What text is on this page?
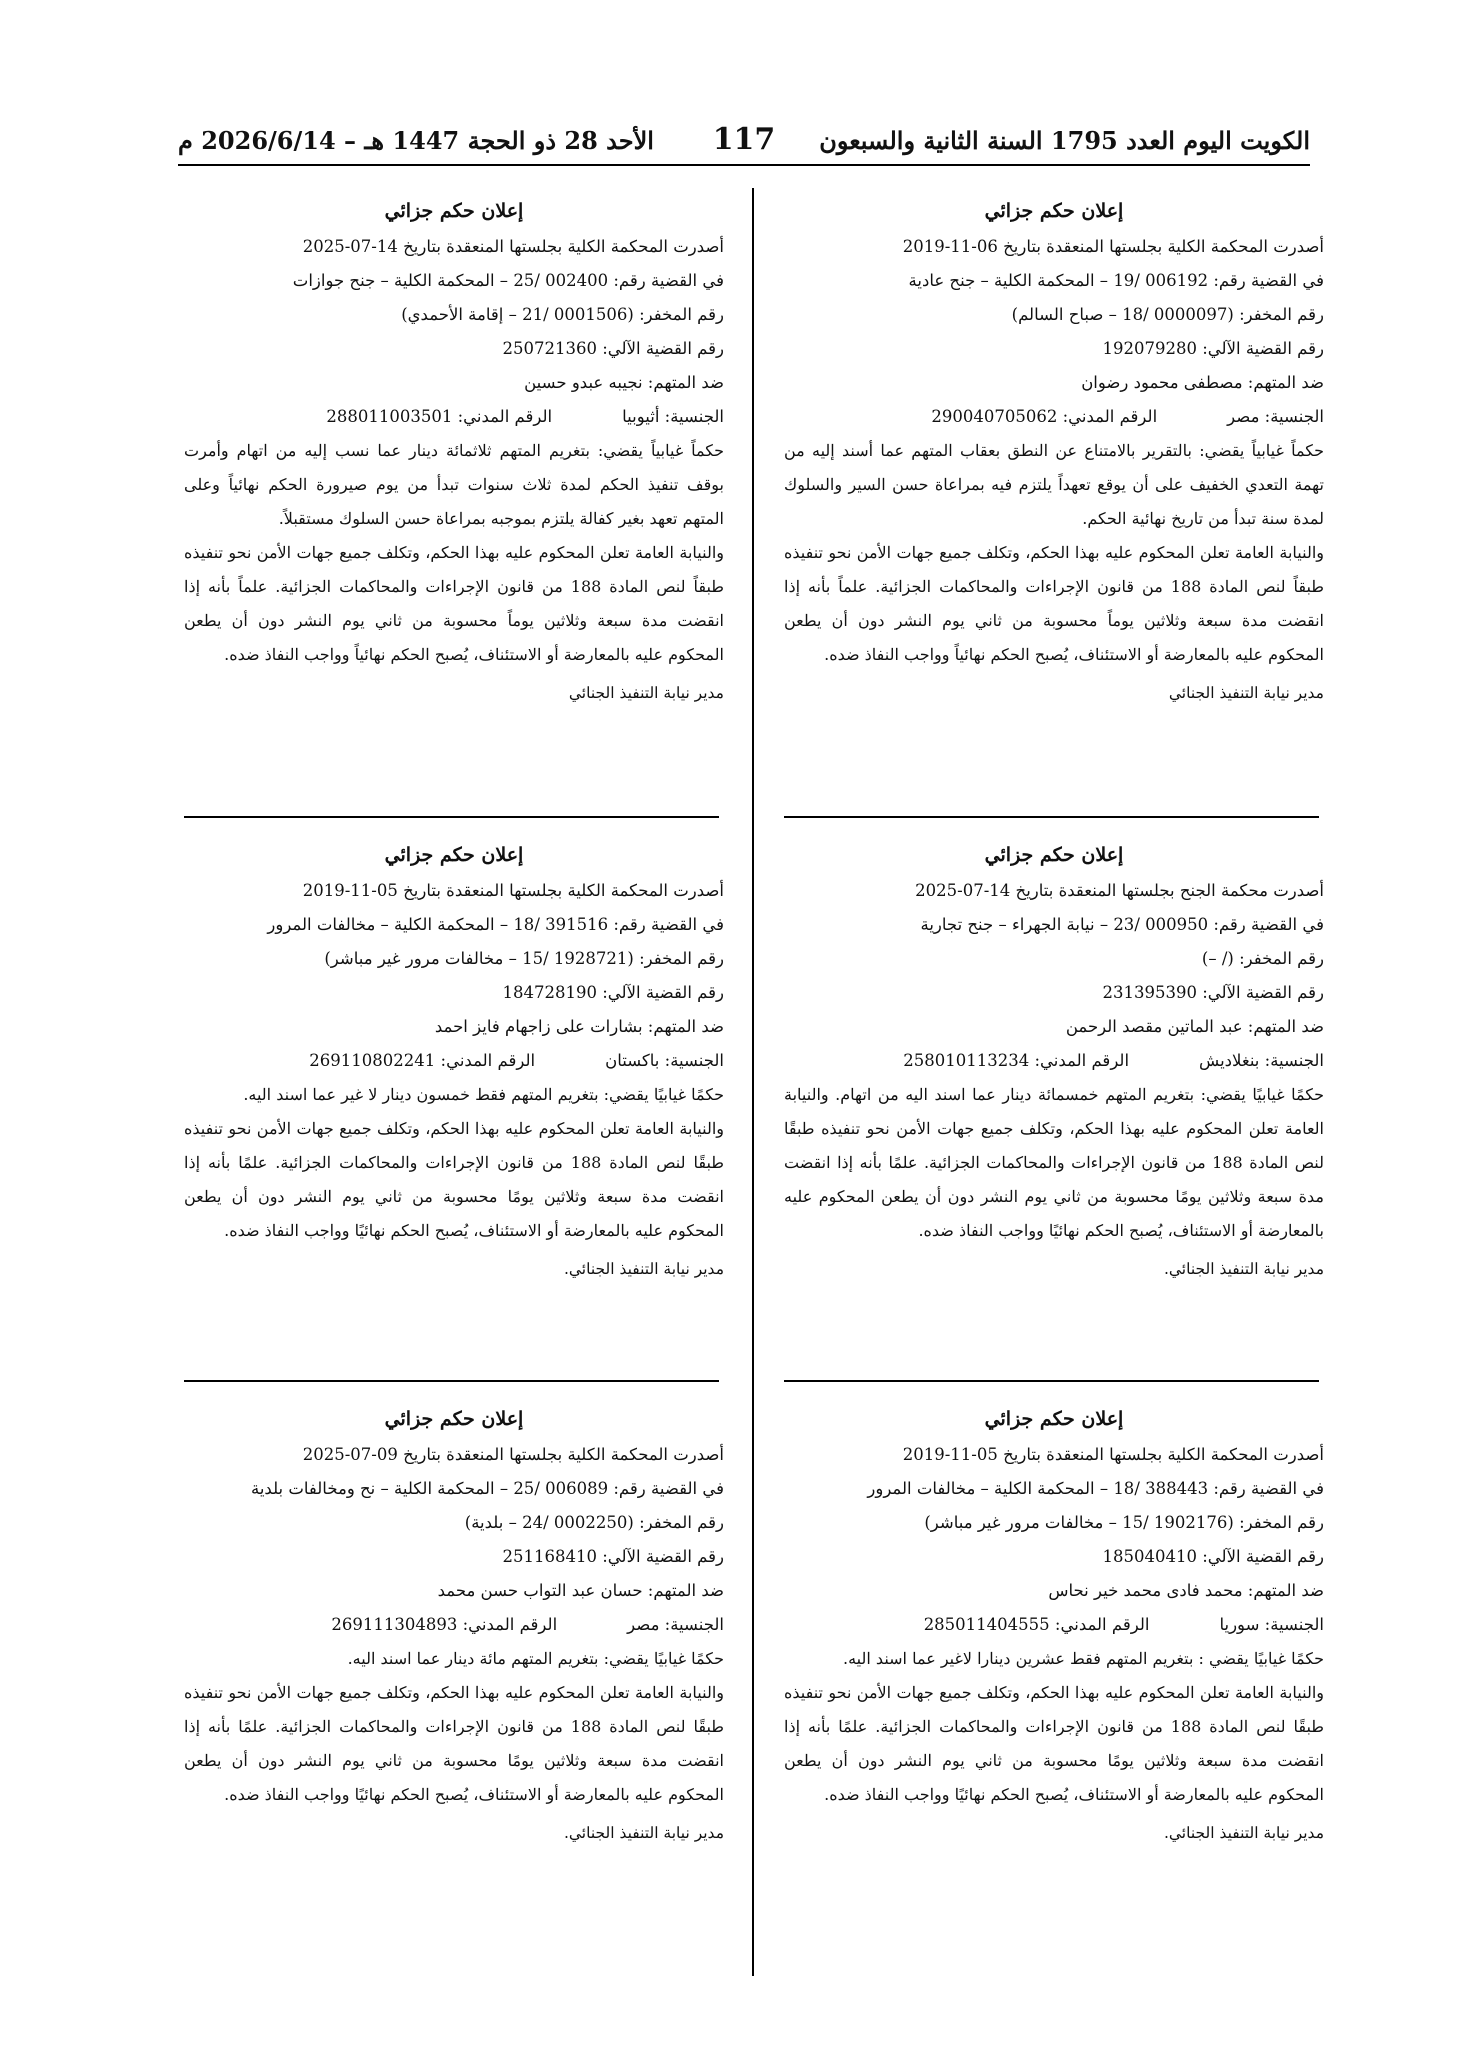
الأحد 28 ذو الحجة 1447 هـ – 2026/6/14 م	117	الكويت اليوم العدد 1795 السنة الثانية والسبعون
إعلان حكم جزائي
أصدرت المحكمة الكلية بجلستها المنعقدة بتاريخ 06-11-2019
في القضية رقم: 006192 /19 – المحكمة الكلية – جنح عادية
رقم المخفر: (0000097 /18 – صباح السالم)
رقم القضية الآلي: 192079280
ضد المتهم: مصطفى محمود رضوان
الجنسية: مصر
الرقم المدني: 290040705062
حكماً غيابياً يقضي: بالتقرير بالامتناع عن النطق بعقاب المتهم عما أسند إليه من تهمة التعدي الخفيف على أن يوقع تعهداً يلتزم فيه بمراعاة حسن السير والسلوك لمدة سنة تبدأ من تاريخ نهائية الحكم.
والنيابة العامة تعلن المحكوم عليه بهذا الحكم، وتكلف جميع جهات الأمن نحو تنفيذه طبقاً لنص المادة 188 من قانون الإجراءات والمحاكمات الجزائية. علماً بأنه إذا انقضت مدة سبعة وثلاثين يوماً محسوبة من ثاني يوم النشر دون أن يطعن المحكوم عليه بالمعارضة أو الاستئناف، يُصبح الحكم نهائياً وواجب النفاذ ضده.
مدير نيابة التنفيذ الجنائي
إعلان حكم جزائي
أصدرت المحكمة الكلية بجلستها المنعقدة بتاريخ 14-07-2025
في القضية رقم: 002400 /25 – المحكمة الكلية – جنح جوازات
رقم المخفر: (0001506 /21 – إقامة الأحمدي)
رقم القضية الآلي: 250721360
ضد المتهم: نجيبه عبدو حسين
الجنسية: أثيوبيا
الرقم المدني: 288011003501
حكماً غيابياً يقضي: بتغريم المتهم ثلاثمائة دينار عما نسب إليه من اتهام وأمرت بوقف تنفيذ الحكم لمدة ثلاث سنوات تبدأ من يوم صيرورة الحكم نهائياً وعلى المتهم تعهد بغير كفالة يلتزم بموجبه بمراعاة حسن السلوك مستقبلاً.
والنيابة العامة تعلن المحكوم عليه بهذا الحكم، وتكلف جميع جهات الأمن نحو تنفيذه طبقاً لنص المادة 188 من قانون الإجراءات والمحاكمات الجزائية. علماً بأنه إذا انقضت مدة سبعة وثلاثين يوماً محسوبة من ثاني يوم النشر دون أن يطعن المحكوم عليه بالمعارضة أو الاستئناف، يُصبح الحكم نهائياً وواجب النفاذ ضده.
مدير نيابة التنفيذ الجنائي
إعلان حكم جزائي
أصدرت محكمة الجنح بجلستها المنعقدة بتاريخ 14-07-2025
في القضية رقم: 000950 /23 – نيابة الجهراء – جنح تجارية
رقم المخفر: (/ –)
رقم القضية الآلي: 231395390
ضد المتهم: عبد الماتين مقصد الرحمن
الجنسية: بنغلاديش
الرقم المدني: 258010113234
حكمًا غيابيًا يقضي: بتغريم المتهم خمسمائة دينار عما اسند اليه من اتهام. والنيابة العامة تعلن المحكوم عليه بهذا الحكم، وتكلف جميع جهات الأمن نحو تنفيذه طبقًا لنص المادة 188 من قانون الإجراءات والمحاكمات الجزائية. علمًا بأنه إذا انقضت مدة سبعة وثلاثين يومًا محسوبة من ثاني يوم النشر دون أن يطعن المحكوم عليه بالمعارضة أو الاستئناف، يُصبح الحكم نهائيًا وواجب النفاذ ضده.
مدير نيابة التنفيذ الجنائي.
إعلان حكم جزائي
أصدرت المحكمة الكلية بجلستها المنعقدة بتاريخ 05-11-2019
في القضية رقم: 391516 /18 – المحكمة الكلية – مخالفات المرور
رقم المخفر: (1928721 /15 – مخالفات مرور غير مباشر)
رقم القضية الآلي: 184728190
ضد المتهم: بشارات على زاجهام فايز احمد
الجنسية: باكستان
الرقم المدني: 269110802241
حكمًا غيابيًا يقضي: بتغريم المتهم فقط خمسون دينار لا غير عما اسند اليه.
والنيابة العامة تعلن المحكوم عليه بهذا الحكم، وتكلف جميع جهات الأمن نحو تنفيذه طبقًا لنص المادة 188 من قانون الإجراءات والمحاكمات الجزائية. علمًا بأنه إذا انقضت مدة سبعة وثلاثين يومًا محسوبة من ثاني يوم النشر دون أن يطعن المحكوم عليه بالمعارضة أو الاستئناف، يُصبح الحكم نهائيًا وواجب النفاذ ضده.
مدير نيابة التنفيذ الجنائي.
إعلان حكم جزائي
أصدرت المحكمة الكلية بجلستها المنعقدة بتاريخ 05-11-2019
في القضية رقم: 388443 /18 – المحكمة الكلية – مخالفات المرور
رقم المخفر: (1902176 /15 – مخالفات مرور غير مباشر)
رقم القضية الآلي: 185040410
ضد المتهم: محمد فادى محمد خير نحاس
الجنسية: سوريا
الرقم المدني: 285011404555
حكمًا غيابيًا يقضي : بتغريم المتهم فقط عشرين دينارا لاغير عما اسند اليه.
والنيابة العامة تعلن المحكوم عليه بهذا الحكم، وتكلف جميع جهات الأمن نحو تنفيذه طبقًا لنص المادة 188 من قانون الإجراءات والمحاكمات الجزائية. علمًا بأنه إذا انقضت مدة سبعة وثلاثين يومًا محسوبة من ثاني يوم النشر دون أن يطعن المحكوم عليه بالمعارضة أو الاستئناف، يُصبح الحكم نهائيًا وواجب النفاذ ضده.
مدير نيابة التنفيذ الجنائي.
إعلان حكم جزائي
أصدرت المحكمة الكلية بجلستها المنعقدة بتاريخ 09-07-2025
في القضية رقم: 006089 /25 – المحكمة الكلية – نح ومخالفات بلدية
رقم المخفر: (0002250 /24 – بلدية)
رقم القضية الآلي: 251168410
ضد المتهم: حسان عبد التواب حسن محمد
الجنسية: مصر
الرقم المدني: 269111304893
حكمًا غيابيًا يقضي: بتغريم المتهم مائة دينار عما اسند اليه.
والنيابة العامة تعلن المحكوم عليه بهذا الحكم، وتكلف جميع جهات الأمن نحو تنفيذه طبقًا لنص المادة 188 من قانون الإجراءات والمحاكمات الجزائية. علمًا بأنه إذا انقضت مدة سبعة وثلاثين يومًا محسوبة من ثاني يوم النشر دون أن يطعن المحكوم عليه بالمعارضة أو الاستئناف، يُصبح الحكم نهائيًا وواجب النفاذ ضده.
مدير نيابة التنفيذ الجنائي.
